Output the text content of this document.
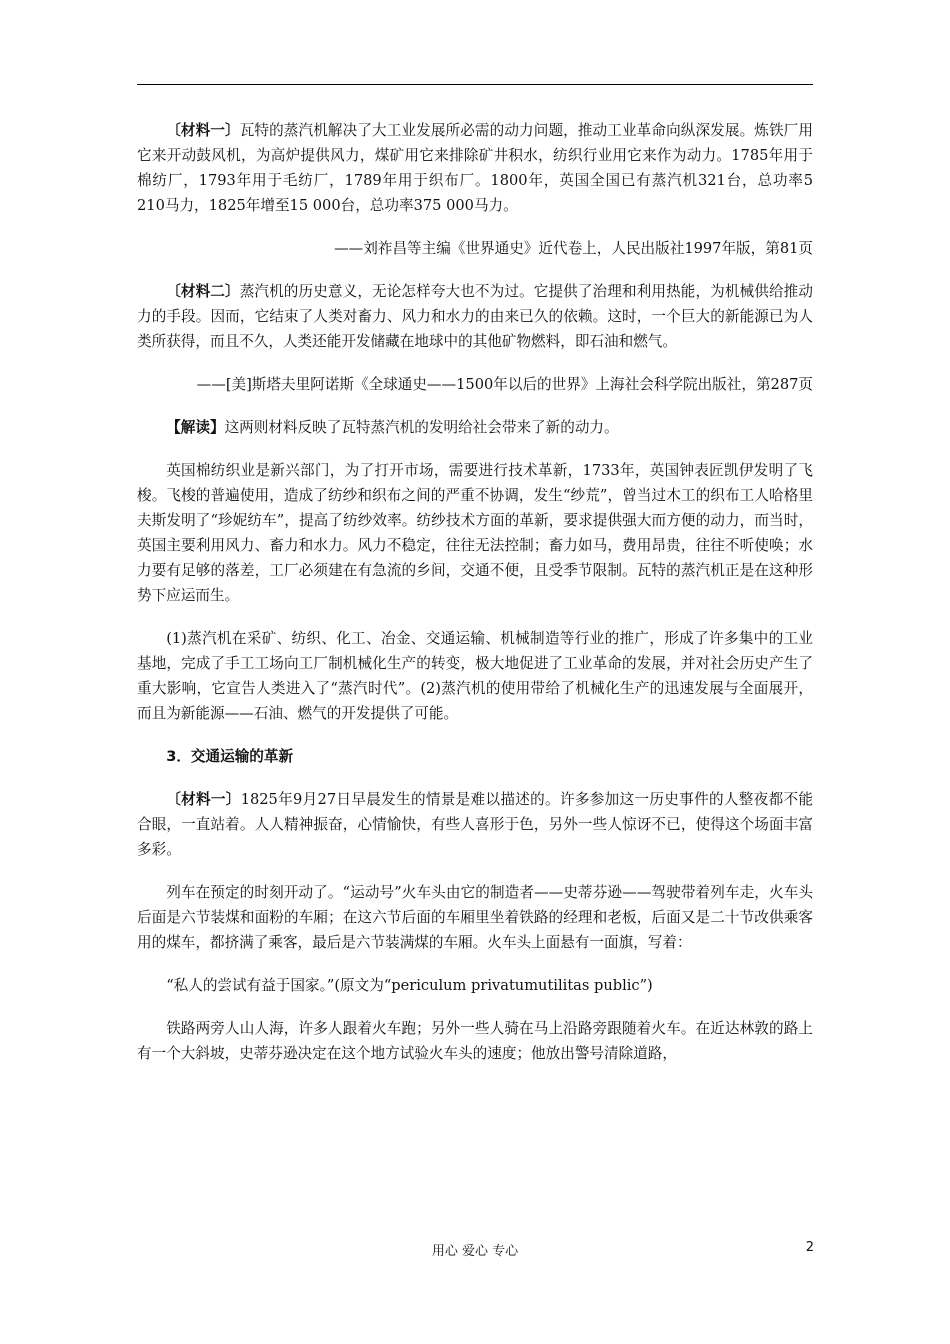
〔材料一〕瓦特的蒸汽机解决了大工业发展所必需的动力问题，推动工业革命向纵深发展。炼铁厂用它来开动鼓风机，为高炉提供风力，煤矿用它来排除矿井积水，纺织行业用它来作为动力。1785年用于棉纺厂，1793年用于毛纺厂，1789年用于织布厂。1800年，英国全国已有蒸汽机321台，总功率5 210马力，1825年增至15 000台，总功率375 000马力。

——刘祚昌等主编《世界通史》近代卷上，人民出版社1997年版，第81页

〔材料二〕蒸汽机的历史意义，无论怎样夸大也不为过。它提供了治理和利用热能，为机械供给推动力的手段。因而，它结束了人类对畜力、风力和水力的由来已久的依赖。这时，一个巨大的新能源已为人类所获得，而且不久，人类还能开发储藏在地球中的其他矿物燃料，即石油和燃气。

——[美]斯塔夫里阿诺斯《全球通史——1500年以后的世界》上海社会科学院出版社，第287页

【解读】这两则材料反映了瓦特蒸汽机的发明给社会带来了新的动力。

英国棉纺织业是新兴部门，为了打开市场，需要进行技术革新，1733年，英国钟表匠凯伊发明了飞梭。飞梭的普遍使用，造成了纺纱和织布之间的严重不协调，发生“纱荒”，曾当过木工的织布工人哈格里夫斯发明了“珍妮纺车”，提高了纺纱效率。纺纱技术方面的革新，要求提供强大而方便的动力，而当时，英国主要利用风力、畜力和水力。风力不稳定，往往无法控制；畜力如马，费用昂贵，往往不听使唤；水力要有足够的落差，工厂必须建在有急流的乡间，交通不便，且受季节限制。瓦特的蒸汽机正是在这种形势下应运而生。

(1)蒸汽机在采矿、纺织、化工、冶金、交通运输、机械制造等行业的推广，形成了许多集中的工业基地，完成了手工工场向工厂制机械化生产的转变，极大地促进了工业革命的发展，并对社会历史产生了重大影响，它宣告人类进入了“蒸汽时代”。(2)蒸汽机的使用带给了机械化生产的迅速发展与全面展开，而且为新能源——石油、燃气的开发提供了可能。

3．交通运输的革新

〔材料一〕1825年9月27日早晨发生的情景是难以描述的。许多参加这一历史事件的人整夜都不能合眼，一直站着。人人精神振奋，心情愉快，有些人喜形于色，另外一些人惊讶不已，使得这个场面丰富多彩。

列车在预定的时刻开动了。“运动号”火车头由它的制造者——史蒂芬逊——驾驶带着列车走，火车头后面是六节装煤和面粉的车厢；在这六节后面的车厢里坐着铁路的经理和老板，后面又是二十节改供乘客用的煤车，都挤满了乘客，最后是六节装满煤的车厢。火车头上面悬有一面旗，写着：

“私人的尝试有益于国家。”(原文为“periculum privatumutilitas public”)

铁路两旁人山人海，许多人跟着火车跑；另外一些人骑在马上沿路旁跟随着火车。在近达林敦的路上有一个大斜坡，史蒂芬逊决定在这个地方试验火车头的速度；他放出警号清除道路，

用心 爱心 专心	2
